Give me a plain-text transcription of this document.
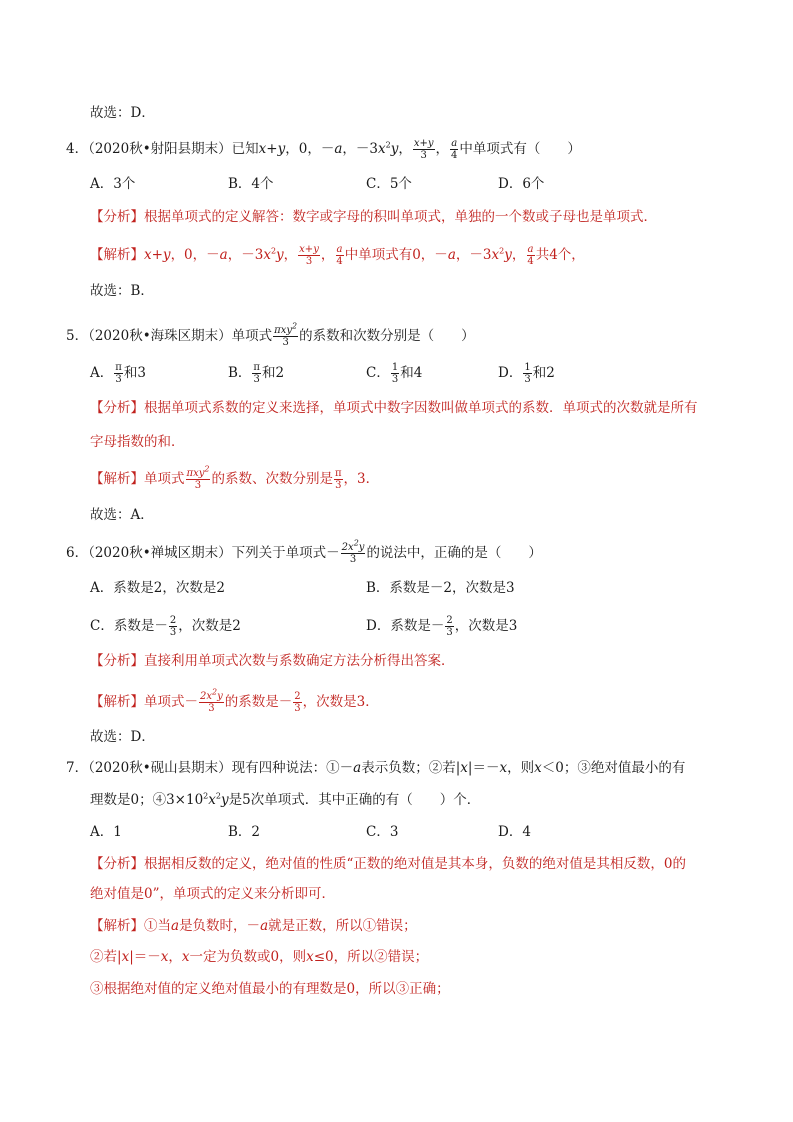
故选：D．
4．（2020秋•射阳县期末）已知x+y，0，－a，$-3x^2y$， $\frac{x+y}{3}$ ， $\frac{a}{4}$ 中单项式有（　　）
A．3个	B．4个	C．5个	D．6个
【分析】根据单项式的定义解答：数字或字母的积叫单项式，单独的一个数或子母也是单项式．
【解析】x+y，0，－a，$-3x^2y$， $\frac{x+y}{3}$ ， $\frac{a}{4}$ 中单项式有0，－a，$-3x^2y$， $\frac{a}{4}$ 共4个，
故选：B．
5．（2020秋•海珠区期末）单项式 $\frac{\pi xy^2}{3}$ 的系数和次数分别是（　　）
A． $\frac{\pi}{3}$ 和3	B． $\frac{\pi}{3}$ 和2	C． $\frac{1}{3}$ 和4	D． $\frac{1}{3}$ 和2
【分析】根据单项式系数的定义来选择，单项式中数字因数叫做单项式的系数．单项式的次数就是所有
字母指数的和．
【解析】单项式 $\frac{\pi xy^2}{3}$ 的系数、次数分别是 $\frac{\pi}{3}$ ，3．
故选：A．
6．（2020秋•禅城区期末）下列关于单项式－ $\frac{2x^2y}{3}$ 的说法中，正确的是（　　）
A．系数是2，次数是2	B．系数是－2，次数是3
C．系数是－ $\frac{2}{3}$ ，次数是2	D．系数是－ $\frac{2}{3}$ ，次数是3
【分析】直接利用单项式次数与系数确定方法分析得出答案．
【解析】单项式－ $\frac{2x^2y}{3}$ 的系数是－ $\frac{2}{3}$ ，次数是3．
故选：D．
7．（2020秋•砚山县期末）现有四种说法：①－a表示负数；②若|x|＝－x，则x＜0；③绝对值最小的有
理数是0；$④3\times 10^2x^2y$是5次单项式．其中正确的有（　　）个．
A．1	B．2	C．3	D．4
【分析】根据相反数的定义，绝对值的性质“正数的绝对值是其本身，负数的绝对值是其相反数，0的
绝对值是0”，单项式的定义来分析即可．
【解析】①当a是负数时，－a就是正数，所以①错误；
②若|x|＝－x，x一定为负数或0，则x≤0，所以②错误；
③根据绝对值的定义绝对值最小的有理数是0，所以③正确；
